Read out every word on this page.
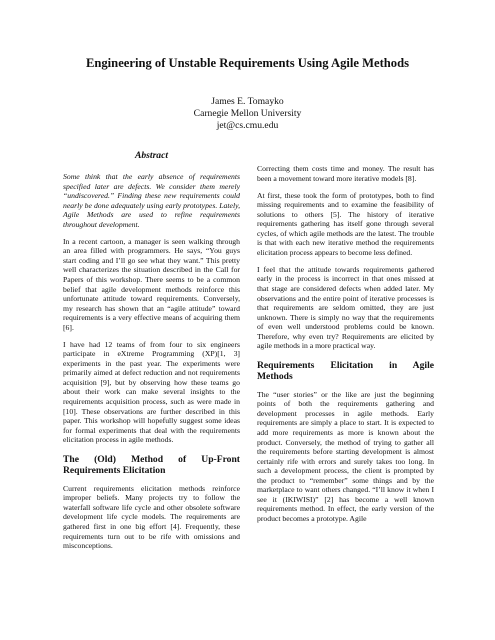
Engineering of Unstable Requirements Using Agile Methods
James E. Tomayko
Carnegie Mellon University
jet@cs.cmu.edu
Abstract

Some think that the early absence of requirements specified later are defects. We consider them merely “undiscovered.” Finding these new requirements could nearly be done adequately using early prototypes. Lately, Agile Methods are used to refine requirements throughout development.

In a recent cartoon, a manager is seen walking through an area filled with programmers. He says, “You guys start coding and I’ll go see what they want.” This pretty well characterizes the situation described in the Call for Papers of this workshop. There seems to be a common belief that agile development methods reinforce this unfortunate attitude toward requirements. Conversely, my research has shown that an “agile attitude” toward requirements is a very effective means of acquiring them [6].

I have had 12 teams of from four to six engineers participate in eXtreme Programming (XP)[1, 3] experiments in the past year. The experiments were primarily aimed at defect reduction and not requirements acquisition [9], but by observing how these teams go about their work can make several insights to the requirements acquisition process, such as were made in [10]. These observations are further described in this paper. This workshop will hopefully suggest some ideas for formal experiments that deal with the requirements elicitation process in agile methods.

The (Old) Method of Up-Front
Requirements Elicitation

Current requirements elicitation methods reinforce improper beliefs. Many projects try to follow the waterfall software life cycle and other obsolete software development life cycle models. The requirements are gathered first in one big effort [4]. Frequently, these requirements turn out to be rife with omissions and misconceptions.

Correcting them costs time and money. The result has been a movement toward more iterative models [8].

At first, these took the form of prototypes, both to find missing requirements and to examine the feasibility of solutions to others [5]. The history of iterative requirements gathering has itself gone through several cycles, of which agile methods are the latest. The trouble is that with each new iterative method the requirements elicitation process appears to become less defined.

I feel that the attitude towards requirements gathered early in the process is incorrect in that ones missed at that stage are considered defects when added later. My observations and the entire point of iterative processes is that requirements are seldom omitted, they are just unknown. There is simply no way that the requirements of even well understood problems could be known. Therefore, why even try? Requirements are elicited by agile methods in a more practical way.

Requirements Elicitation in Agile
Methods

The “user stories” or the like are just the beginning points of both the requirements gathering and development processes in agile methods. Early requirements are simply a place to start. It is expected to add more requirements as more is known about the product. Conversely, the method of trying to gather all the requirements before starting development is almost certainly rife with errors and surely takes too long. In such a development process, the client is prompted by the product to “remember” some things and by the marketplace to want others changed. “I’ll know it when I see it (IKIWISI)” [2] has become a well known requirements method. In effect, the early version of the product becomes a prototype. Agile
